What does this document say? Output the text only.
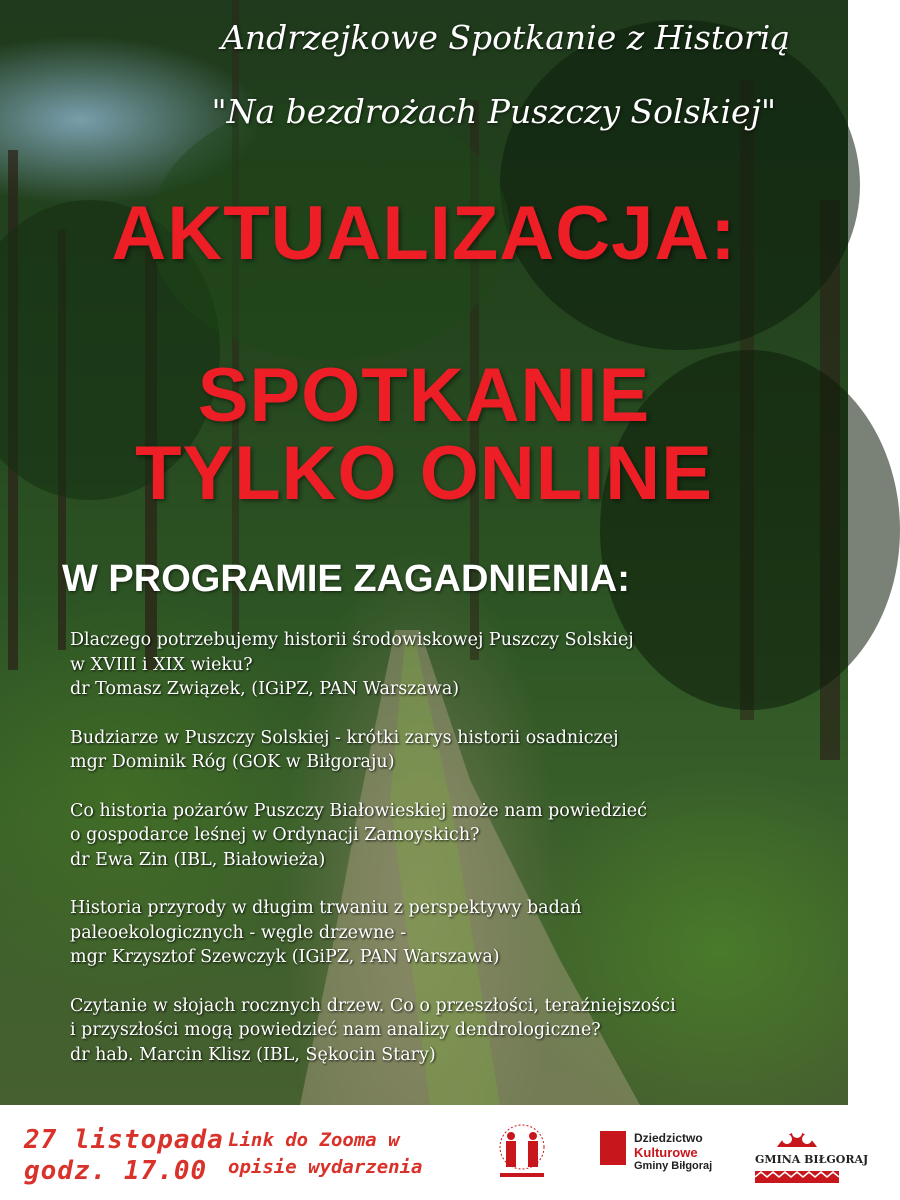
Andrzejkowe Spotkanie z Historią
"Na bezdrożach Puszczy Solskiej"
AKTUALIZACJA:
SPOTKANIE
TYLKO ONLINE
W PROGRAMIE ZAGADNIENIA:
Dlaczego potrzebujemy historii środowiskowej Puszczy Solskiej
w XVIII i XIX wieku?
dr Tomasz Związek, (IGiPZ, PAN Warszawa)
Budziarze w Puszczy Solskiej - krótki zarys historii osadniczej
mgr Dominik Róg (GOK w Biłgoraju)
Co historia pożarów Puszczy Białowieskiej może nam powiedzieć
o gospodarce leśnej w Ordynacji Zamoyskich?
dr Ewa Zin (IBL, Białowieża)
Historia przyrody w długim trwaniu z perspektywy badań
paleoekologicznych - węgle drzewne -
mgr Krzysztof Szewczyk (IGiPZ, PAN Warszawa)
Czytanie w słojach rocznych drzew. Co o przeszłości, teraźniejszości
i przyszłości mogą powiedzieć nam analizy dendrologiczne?
dr hab. Marcin Klisz (IBL, Sękocin Stary)
27 listopada
godz. 17.00
Link do Zooma w
opisie wydarzenia
Dziedzictwo
Kulturowe
Gminy Biłgoraj	GMINA BIŁGORAJ
